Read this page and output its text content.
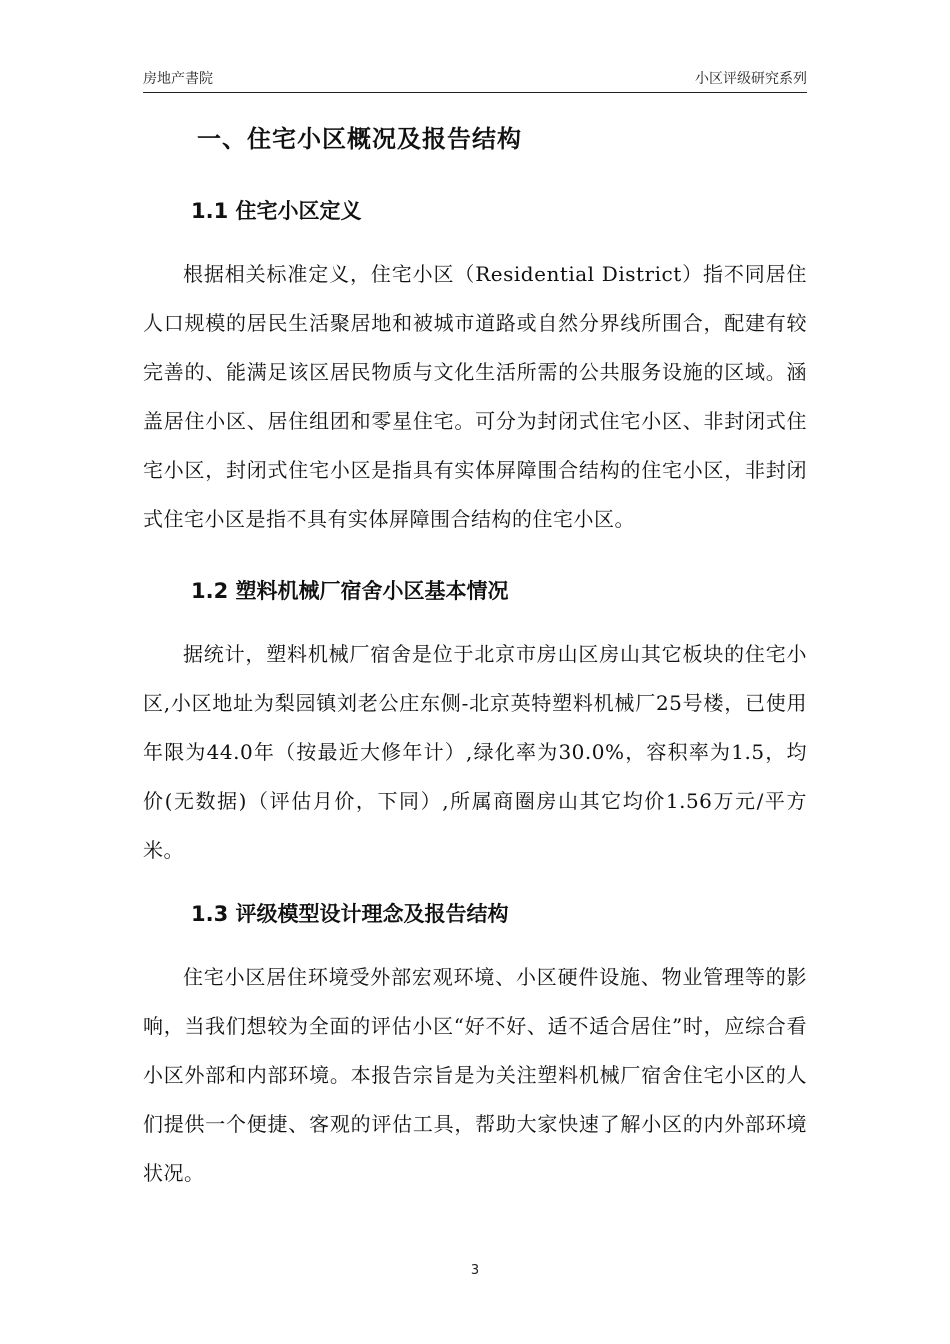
房地产書院	小区评级研究系列
一、住宅小区概况及报告结构
1.1 住宅小区定义

根据相关标准定义，住宅小区（Residential District）指不同居住人口规模的居民生活聚居地和被城市道路或自然分界线所围合，配建有较完善的、能满足该区居民物质与文化生活所需的公共服务设施的区域。涵盖居住小区、居住组团和零星住宅。可分为封闭式住宅小区、非封闭式住宅小区，封闭式住宅小区是指具有实体屏障围合结构的住宅小区，非封闭式住宅小区是指不具有实体屏障围合结构的住宅小区。

1.2 塑料机械厂宿舍小区基本情况

据统计，塑料机械厂宿舍是位于北京市房山区房山其它板块的住宅小区,小区地址为梨园镇刘老公庄东侧-北京英特塑料机械厂25号楼，已使用年限为44.0年（按最近大修年计）,绿化率为30.0%，容积率为1.5，均价(无数据)（评估月价，下同）,所属商圈房山其它均价1.56万元/平方米。

1.3 评级模型设计理念及报告结构

住宅小区居住环境受外部宏观环境、小区硬件设施、物业管理等的影响，当我们想较为全面的评估小区“好不好、适不适合居住”时，应综合看小区外部和内部环境。本报告宗旨是为关注塑料机械厂宿舍住宅小区的人们提供一个便捷、客观的评估工具，帮助大家快速了解小区的内外部环境状况。

3
